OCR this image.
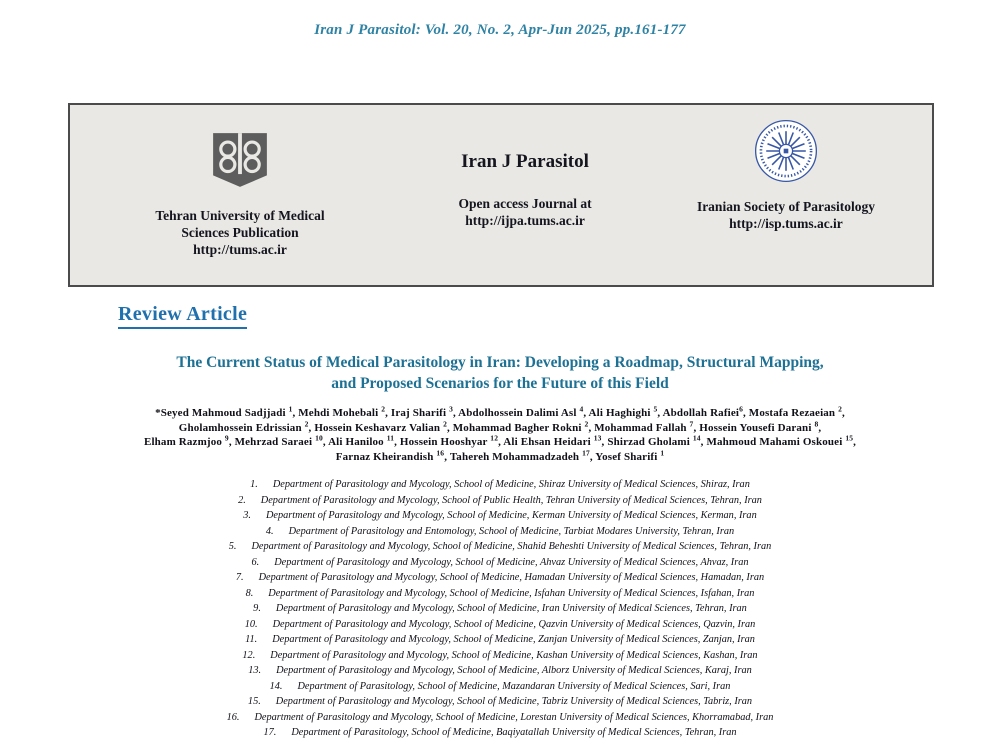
Iran J Parasitol: Vol. 20, No. 2, Apr-Jun 2025, pp.161-177
Tehran University of Medical
Sciences Publication
http://tums.ac.ir
Iran J Parasitol
Open access Journal at
http://ijpa.tums.ac.ir
Iranian Society of Parasitology
http://isp.tums.ac.ir
Review Article
The Current Status of Medical Parasitology in Iran: Developing a Roadmap, Structural Mapping,
and Proposed Scenarios for the Future of this Field
*Seyed Mahmoud Sadjjadi $^1$, Mehdi Mohebali $^2$, Iraj Sharifi $^3$, Abdolhossein Dalimi Asl $^4$, Ali Haghighi $^5$, Abdollah Rafiei$^6$, Mostafa Rezaeian $^2$,
Gholamhossein Edrissian $^2$, Hossein Keshavarz Valian $^2$, Mohammad Bagher Rokni $^2$, Mohammad Fallah $^7$, Hossein Yousefi Darani $^8$,
Elham Razmjoo $^9$, Mehrzad Saraei $^{10}$, Ali Haniloo $^{11}$, Hossein Hooshyar $^{12}$, Ali Ehsan Heidari $^{13}$, Shirzad Gholami $^{14}$, Mahmoud Mahami Oskouei $^{15}$,
Farnaz Kheirandish $^{16}$, Tahereh Mohammadzadeh $^{17}$, Yosef Sharifi $^1$
1. Department of Parasitology and Mycology, School of Medicine, Shiraz University of Medical Sciences, Shiraz, Iran
2. Department of Parasitology and Mycology, School of Public Health, Tehran University of Medical Sciences, Tehran, Iran
3. Department of Parasitology and Mycology, School of Medicine, Kerman University of Medical Sciences, Kerman, Iran
4. Department of Parasitology and Entomology, School of Medicine, Tarbiat Modares University, Tehran, Iran
5. Department of Parasitology and Mycology, School of Medicine, Shahid Beheshti University of Medical Sciences, Tehran, Iran
6. Department of Parasitology and Mycology, School of Medicine, Ahvaz University of Medical Sciences, Ahvaz, Iran
7. Department of Parasitology and Mycology, School of Medicine, Hamadan University of Medical Sciences, Hamadan, Iran
8. Department of Parasitology and Mycology, School of Medicine, Isfahan University of Medical Sciences, Isfahan, Iran
9. Department of Parasitology and Mycology, School of Medicine, Iran University of Medical Sciences, Tehran, Iran
10. Department of Parasitology and Mycology, School of Medicine, Qazvin University of Medical Sciences, Qazvin, Iran
11. Department of Parasitology and Mycology, School of Medicine, Zanjan University of Medical Sciences, Zanjan, Iran
12. Department of Parasitology and Mycology, School of Medicine, Kashan University of Medical Sciences, Kashan, Iran
13. Department of Parasitology and Mycology, School of Medicine, Alborz University of Medical Sciences, Karaj, Iran
14. Department of Parasitology, School of Medicine, Mazandaran University of Medical Sciences, Sari, Iran
15. Department of Parasitology and Mycology, School of Medicine, Tabriz University of Medical Sciences, Tabriz, Iran
16. Department of Parasitology and Mycology, School of Medicine, Lorestan University of Medical Sciences, Khorramabad, Iran
17. Department of Parasitology, School of Medicine, Baqiyatallah University of Medical Sciences, Tehran, Iran
